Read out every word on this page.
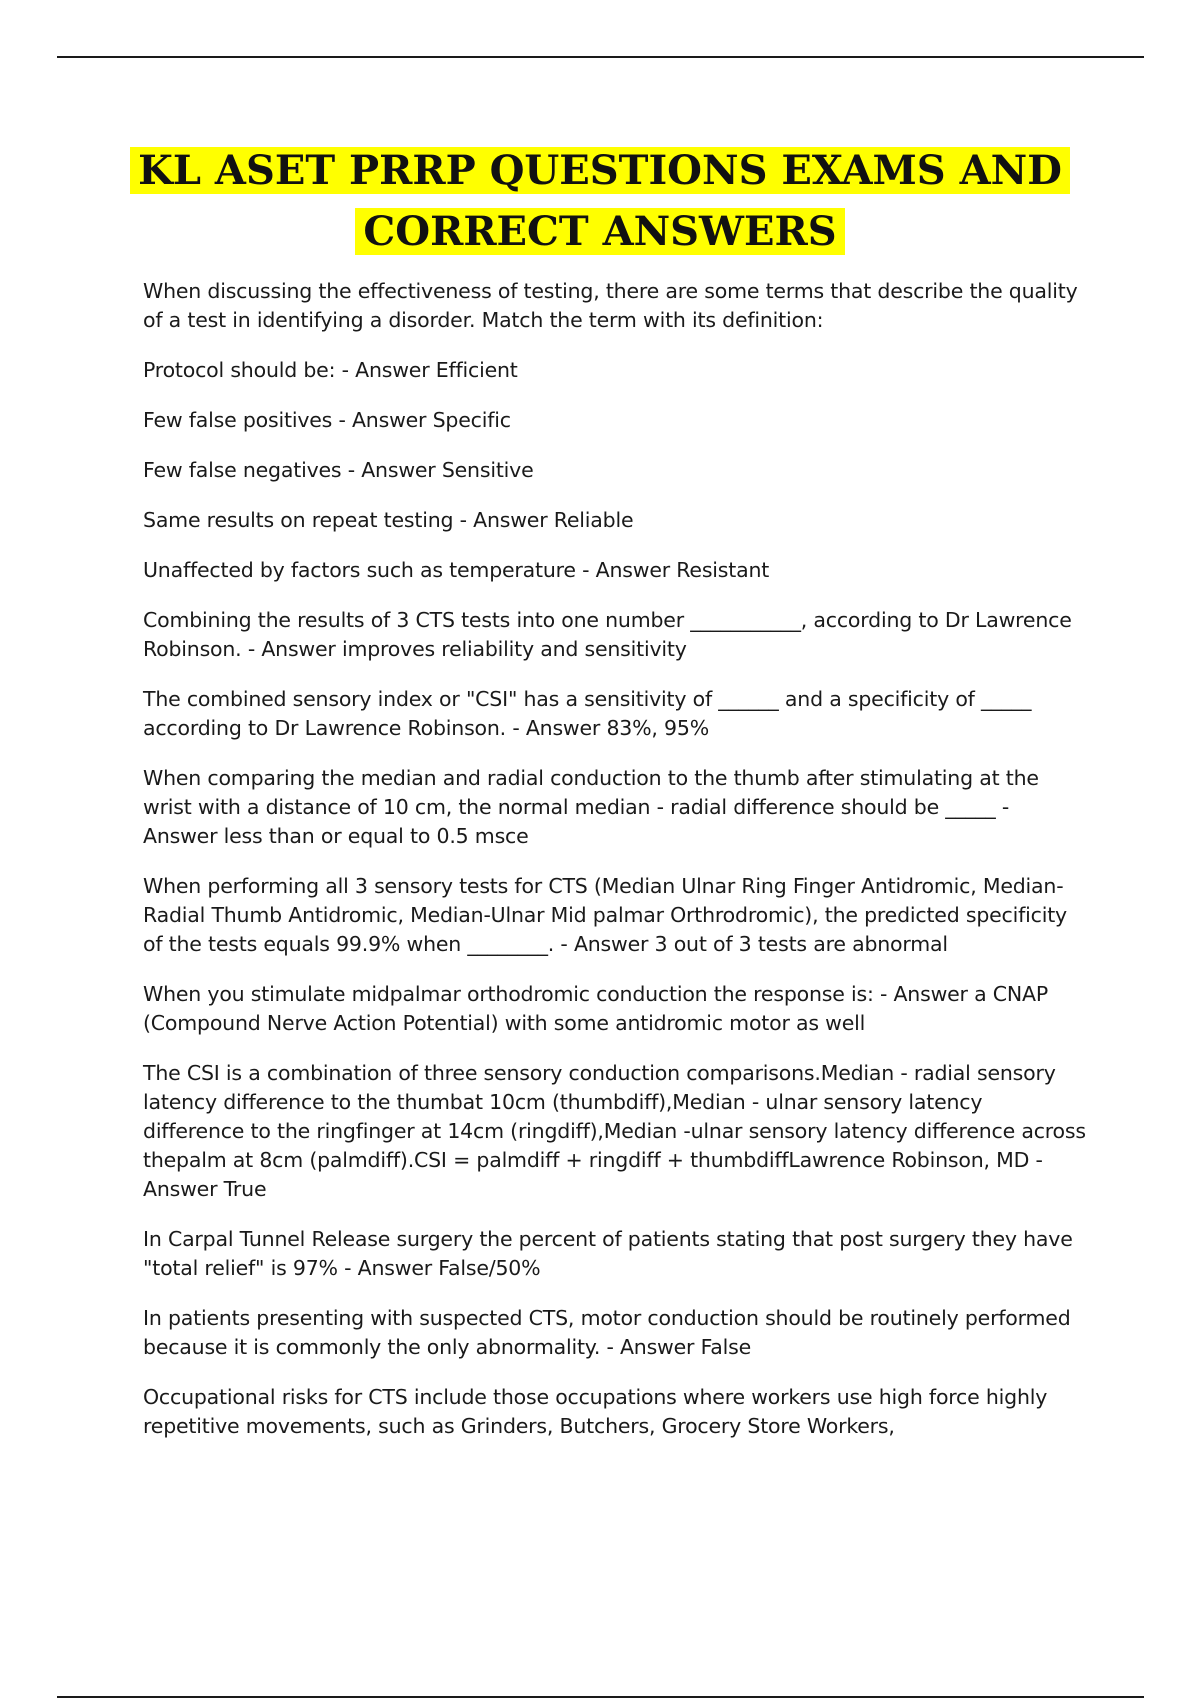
KL ASET PRRP QUESTIONS EXAMS AND
CORRECT ANSWERS

When discussing the effectiveness of testing, there are some terms that describe the quality of a test in identifying a disorder. Match the term with its definition:

Protocol should be: - Answer Efficient

Few false positives - Answer Specific

Few false negatives - Answer Sensitive

Same results on repeat testing - Answer Reliable

Unaffected by factors such as temperature - Answer Resistant

Combining the results of 3 CTS tests into one number ___________, according to Dr Lawrence Robinson. - Answer improves reliability and sensitivity

The combined sensory index or "CSI" has a sensitivity of ______ and a specificity of _____ according to Dr Lawrence Robinson. - Answer 83%, 95%

When comparing the median and radial conduction to the thumb after stimulating at the wrist with a distance of 10 cm, the normal median - radial difference should be _____ - Answer less than or equal to 0.5 msce

When performing all 3 sensory tests for CTS (Median Ulnar Ring Finger Antidromic, Median-Radial Thumb Antidromic, Median-Ulnar Mid palmar Orthrodromic), the predicted specificity of the tests equals 99.9% when ________. - Answer 3 out of 3 tests are abnormal

When you stimulate midpalmar orthodromic conduction the response is: - Answer a CNAP (Compound Nerve Action Potential) with some antidromic motor as well

The CSI is a combination of three sensory conduction comparisons.Median - radial sensory latency difference to the thumbat 10cm (thumbdiff),Median - ulnar sensory latency difference to the ringfinger at 14cm (ringdiff),Median -ulnar sensory latency difference across thepalm at 8cm (palmdiff).CSI = palmdiff + ringdiff + thumbdiffLawrence Robinson, MD - Answer True

In Carpal Tunnel Release surgery the percent of patients stating that post surgery they have "total relief" is 97% - Answer False/50%

In patients presenting with suspected CTS, motor conduction should be routinely performed because it is commonly the only abnormality. - Answer False

Occupational risks for CTS include those occupations where workers use high force highly repetitive movements, such as Grinders, Butchers, Grocery Store Workers,
